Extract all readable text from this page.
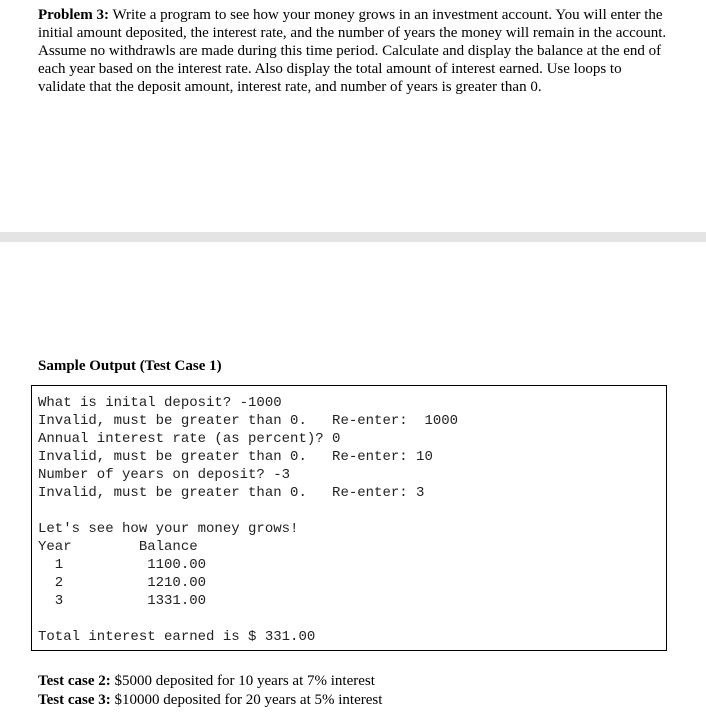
Problem 3: Write a program to see how your money grows in an investment account. You will enter the initial amount deposited, the interest rate, and the number of years the money will remain in the account. Assume no withdrawls are made during this time period. Calculate and display the balance at the end of each year based on the interest rate. Also display the total amount of interest earned. Use loops to validate that the deposit amount, interest rate, and number of years is greater than 0.
Sample Output (Test Case 1)
What is inital deposit? -1000
Invalid, must be greater than 0.   Re-enter:  1000
Annual interest rate (as percent)? 0
Invalid, must be greater than 0.   Re-enter: 10
Number of years on deposit? -3
Invalid, must be greater than 0.   Re-enter: 3
Let's see how your money grows!
Year        Balance
1          1100.00
2          1210.00
3          1331.00
Total interest earned is $ 331.00
Test case 2: $5000 deposited for 10 years at 7% interest
Test case 3: $10000 deposited for 20 years at 5% interest
